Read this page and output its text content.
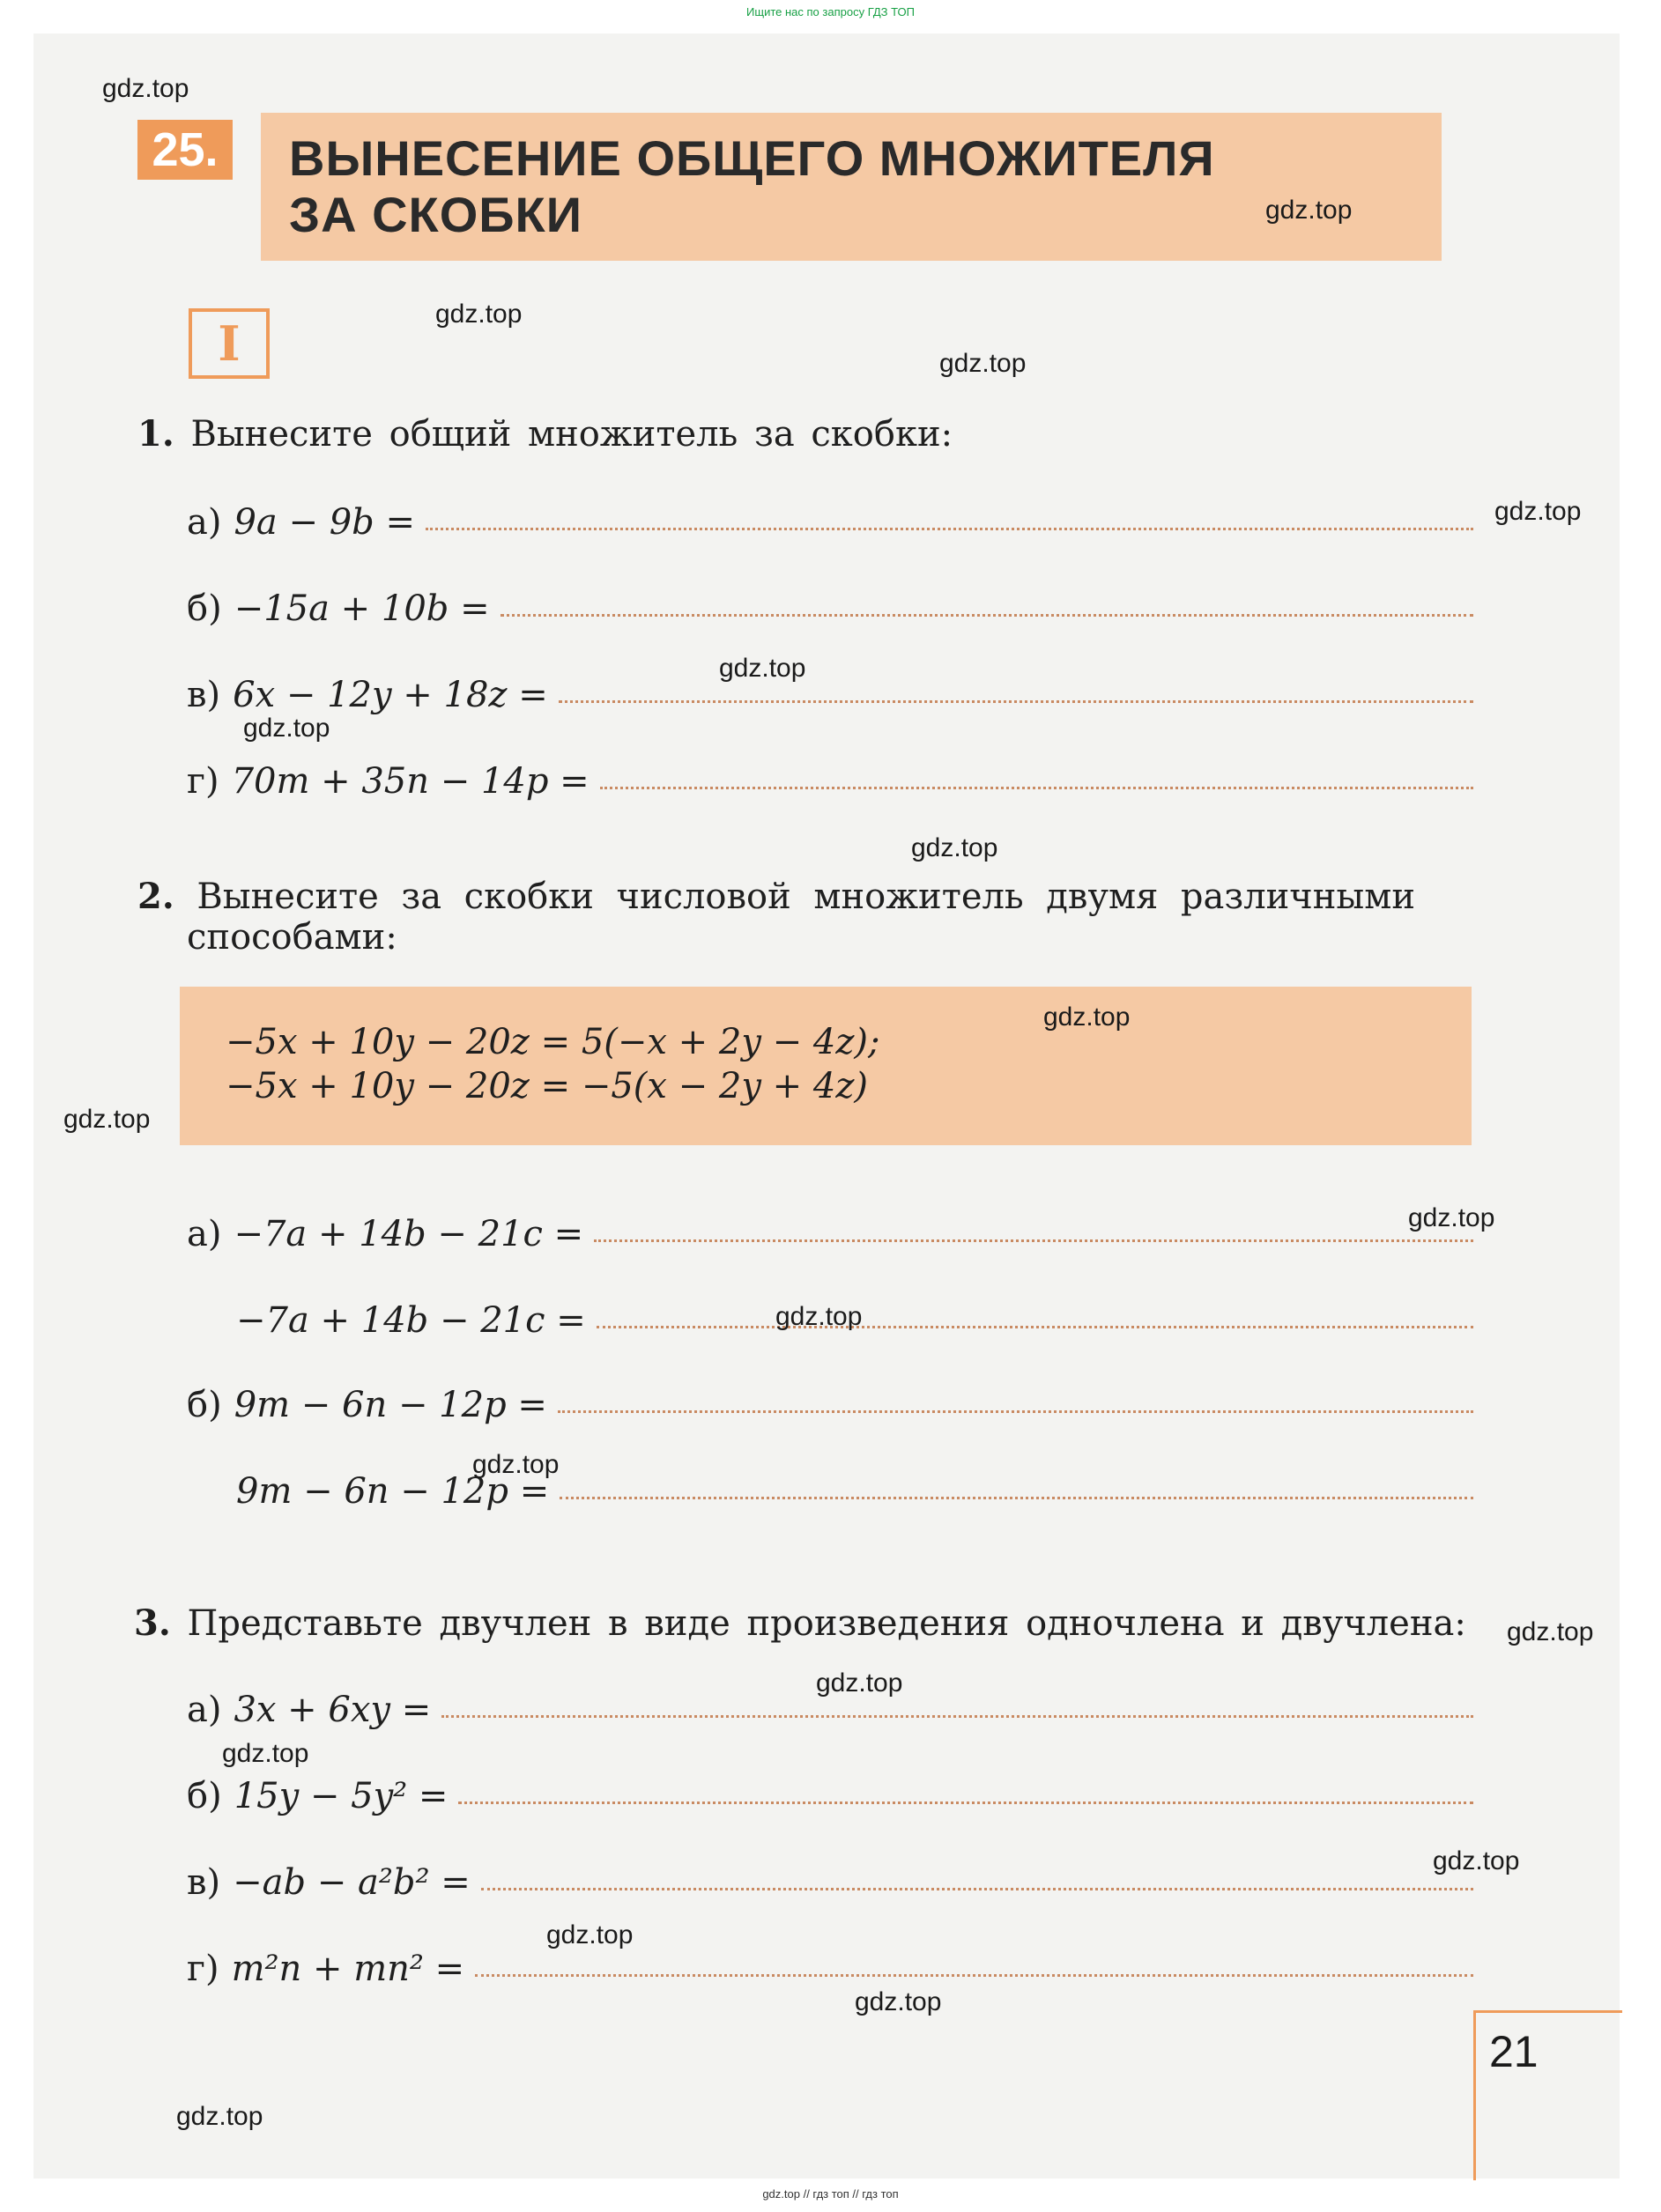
Ищите нас по запросу ГДЗ ТОП
25. ВЫНЕСЕНИЕ ОБЩЕГО МНОЖИТЕЛЯ
ЗА СКОБКИ
I
1. Вынесите общий множитель за скобки:
а) 9a − 9b =
б) −15a + 10b =
в) 6x − 12y + 18z =
г) 70m + 35n − 14p =
2. Вынесите за скобки числовой множитель двумя различными
способами:
−5x + 10y − 20z = 5(−x + 2y − 4z);
−5x + 10y − 20z = −5(x − 2y + 4z)
а) −7a + 14b − 21c =
−7a + 14b − 21c =
б) 9m − 6n − 12p =
9m − 6n − 12p =
3. Представьте двучлен в виде произведения одночлена и двучлена:
а) 3x + 6xy =
б) 15y − 5y² =
в) −ab − a²b² =
г) m²n + mn² =
21
gdz.top
gdz.top
gdz.top
gdz.top
gdz.top
gdz.top
gdz.top
gdz.top
gdz.top
gdz.top
gdz.top
gdz.top
gdz.top
gdz.top
gdz.top
gdz.top
gdz.top
gdz.top
gdz.top
gdz.top
gdz.top // гдз топ // гдз топ
